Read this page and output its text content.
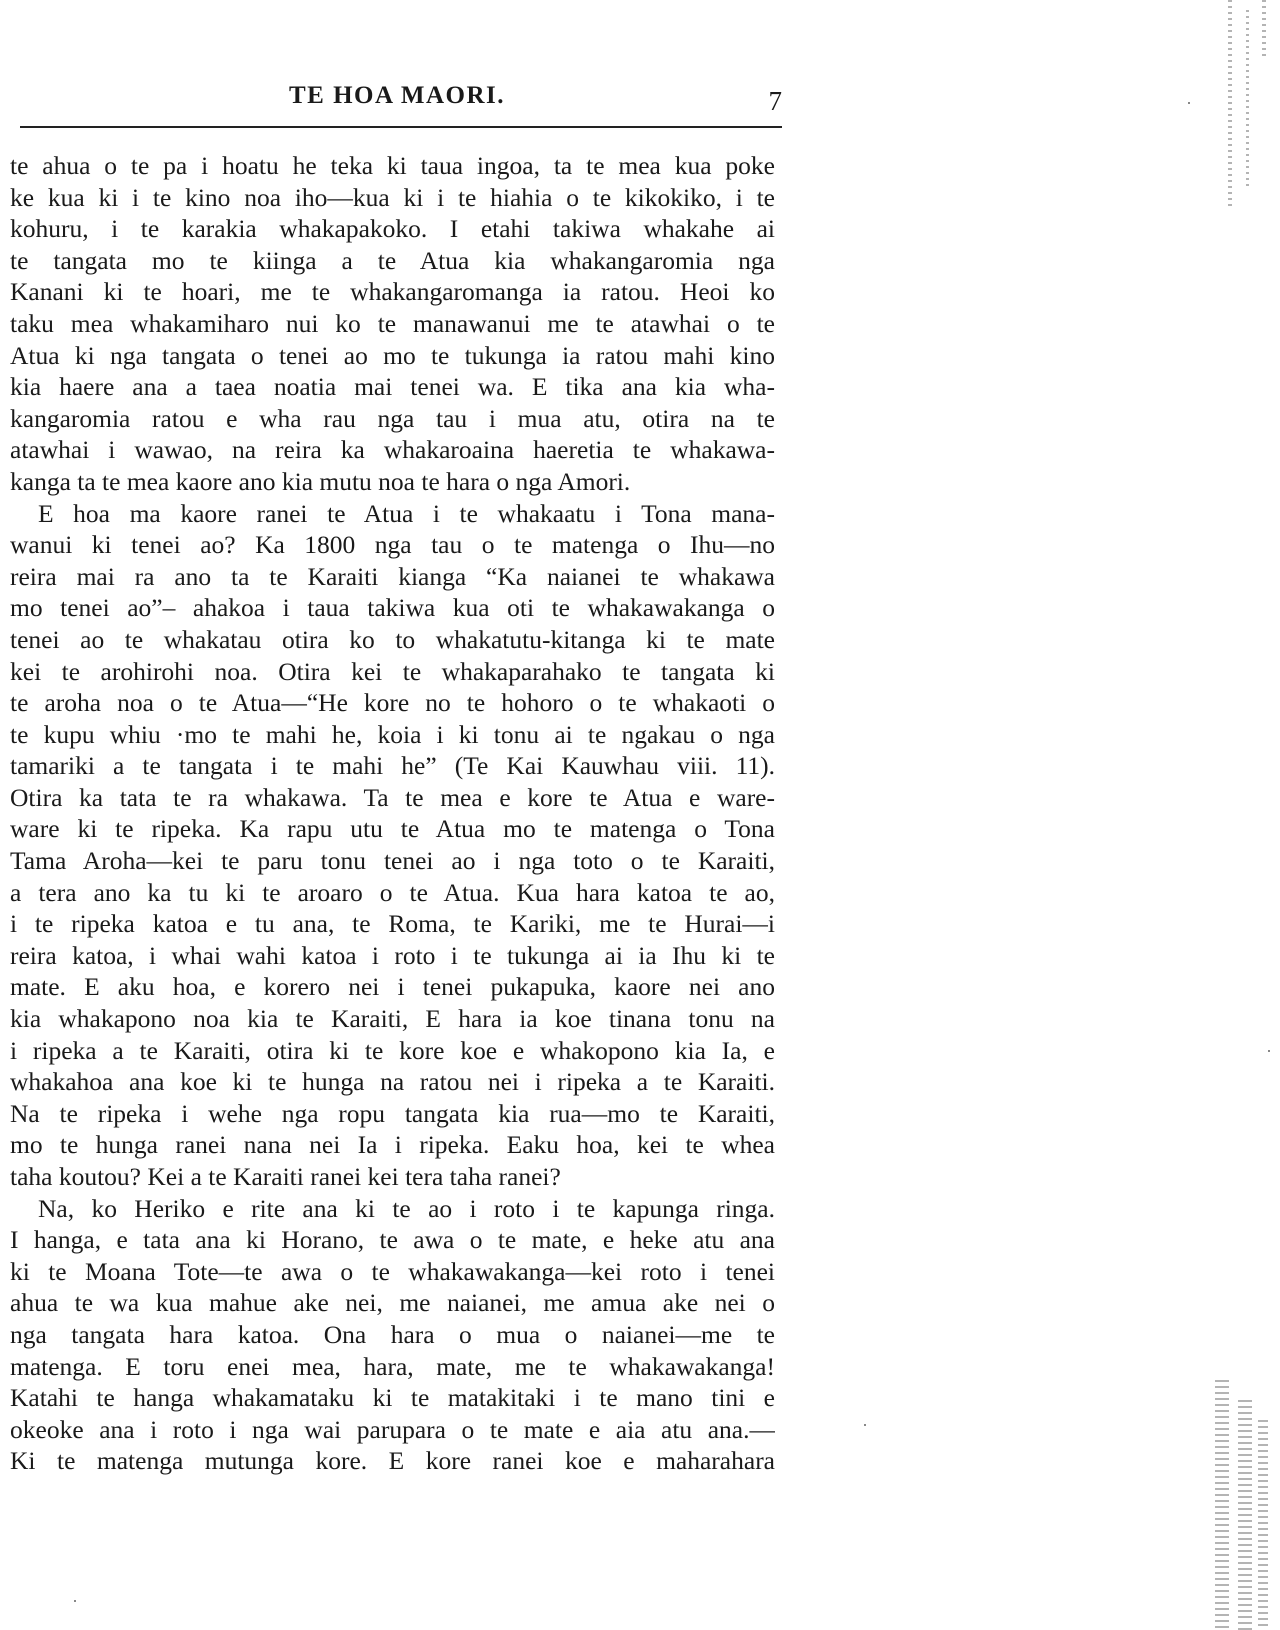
TE HOA MAORI.	7
te ahua o te pa i hoatu he teka ki taua ingoa, ta te mea kua poke
ke kua ki i te kino noa iho—kua ki i te hiahia o te kikokiko, i te
kohuru, i te karakia whakapakoko. I etahi takiwa whakahe ai
te tangata mo te kiinga a te Atua kia whakangaromia nga
Kanani ki te hoari, me te whakangaromanga ia ratou. Heoi ko
taku mea whakamiharo nui ko te manawanui me te atawhai o te
Atua ki nga tangata o tenei ao mo te tukunga ia ratou mahi kino
kia haere ana a taea noatia mai tenei wa. E tika ana kia wha-
kangaromia ratou e wha rau nga tau i mua atu, otira na te
atawhai i wawao, na reira ka whakaroaina haeretia te whakawa-
kanga ta te mea kaore ano kia mutu noa te hara o nga Amori.
E hoa ma kaore ranei te Atua i te whakaatu i Tona mana-
wanui ki tenei ao? Ka 1800 nga tau o te matenga o Ihu—no
reira mai ra ano ta te Karaiti kianga “Ka naianei te whakawa
mo tenei ao”– ahakoa i taua takiwa kua oti te whakawakanga o
tenei ao te whakatau otira ko to whakatutu-kitanga ki te mate
kei te arohirohi noa. Otira kei te whakaparahako te tangata ki
te aroha noa o te Atua—“He kore no te hohoro o te whakaoti o
te kupu whiu ·mo te mahi he, koia i ki tonu ai te ngakau o nga
tamariki a te tangata i te mahi he” (Te Kai Kauwhau viii. 11).
Otira ka tata te ra whakawa. Ta te mea e kore te Atua e ware-
ware ki te ripeka. Ka rapu utu te Atua mo te matenga o Tona
Tama Aroha—kei te paru tonu tenei ao i nga toto o te Karaiti,
a tera ano ka tu ki te aroaro o te Atua. Kua hara katoa te ao,
i te ripeka katoa e tu ana, te Roma, te Kariki, me te Hurai—i
reira katoa, i whai wahi katoa i roto i te tukunga ai ia Ihu ki te
mate. E aku hoa, e korero nei i tenei pukapuka, kaore nei ano
kia whakapono noa kia te Karaiti, E hara ia koe tinana tonu na
i ripeka a te Karaiti, otira ki te kore koe e whakopono kia Ia, e
whakahoa ana koe ki te hunga na ratou nei i ripeka a te Karaiti.
Na te ripeka i wehe nga ropu tangata kia rua—mo te Karaiti,
mo te hunga ranei nana nei Ia i ripeka. Eaku hoa, kei te whea
taha koutou? Kei a te Karaiti ranei kei tera taha ranei?
Na, ko Heriko e rite ana ki te ao i roto i te kapunga ringa.
I hanga, e tata ana ki Horano, te awa o te mate, e heke atu ana
ki te Moana Tote—te awa o te whakawakanga—kei roto i tenei
ahua te wa kua mahue ake nei, me naianei, me amua ake nei o
nga tangata hara katoa. Ona hara o mua o naianei—me te
matenga. E toru enei mea, hara, mate, me te whakawakanga!
Katahi te hanga whakamataku ki te matakitaki i te mano tini e
okeoke ana i roto i nga wai parupara o te mate e aia atu ana.—
Ki te matenga mutunga kore. E kore ranei koe e maharahara
